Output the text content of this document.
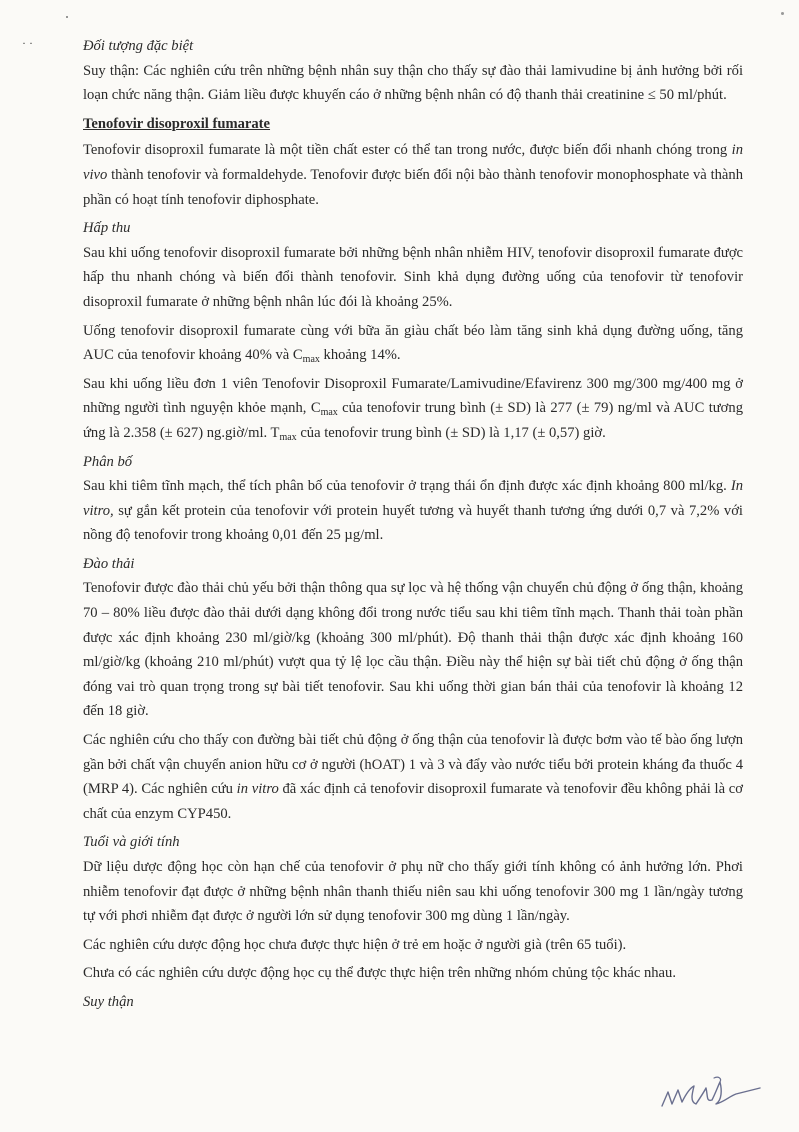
· ·	Đối tượng đặc biệt

Suy thận: Các nghiên cứu trên những bệnh nhân suy thận cho thấy sự đào thải lamivudine bị ảnh hưởng bởi rối loạn chức năng thận. Giảm liều được khuyến cáo ở những bệnh nhân có độ thanh thải creatinine ≤ 50 ml/phút.

Tenofovir disoproxil fumarate

Tenofovir disoproxil fumarate là một tiền chất ester có thể tan trong nước, được biến đổi nhanh chóng trong in vivo thành tenofovir và formaldehyde. Tenofovir được biến đổi nội bào thành tenofovir monophosphate và thành phần có hoạt tính tenofovir diphosphate.

Hấp thu

Sau khi uống tenofovir disoproxil fumarate bởi những bệnh nhân nhiễm HIV, tenofovir disoproxil fumarate được hấp thu nhanh chóng và biến đổi thành tenofovir. Sinh khả dụng đường uống của tenofovir từ tenofovir disoproxil fumarate ở những bệnh nhân lúc đói là khoảng 25%.

Uống tenofovir disoproxil fumarate cùng với bữa ăn giàu chất béo làm tăng sinh khả dụng đường uống, tăng AUC của tenofovir khoảng 40% và $C_{max}$ khoảng 14%.

Sau khi uống liều đơn 1 viên Tenofovir Disoproxil Fumarate/Lamivudine/Efavirenz 300 mg/300 mg/400 mg ở những người tình nguyện khỏe mạnh, $C_{max}$ của tenofovir trung bình (± SD) là 277 (± 79) ng/ml và AUC tương ứng là 2.358 (± 627) ng.giờ/ml. $T_{max}$ của tenofovir trung bình (± SD) là 1,17 (± 0,57) giờ.

Phân bố

Sau khi tiêm tĩnh mạch, thể tích phân bố của tenofovir ở trạng thái ổn định được xác định khoảng 800 ml/kg. In vitro, sự gắn kết protein của tenofovir với protein huyết tương và huyết thanh tương ứng dưới 0,7 và 7,2% với nồng độ tenofovir trong khoảng 0,01 đến 25 µg/ml.

Đào thải

Tenofovir được đào thải chủ yếu bởi thận thông qua sự lọc và hệ thống vận chuyển chủ động ở ống thận, khoảng 70 – 80% liều được đào thải dưới dạng không đổi trong nước tiểu sau khi tiêm tĩnh mạch. Thanh thải toàn phần được xác định khoảng 230 ml/giờ/kg (khoảng 300 ml/phút). Độ thanh thải thận được xác định khoảng 160 ml/giờ/kg (khoảng 210 ml/phút) vượt qua tỷ lệ lọc cầu thận. Điều này thể hiện sự bài tiết chủ động ở ống thận đóng vai trò quan trọng trong sự bài tiết tenofovir. Sau khi uống thời gian bán thải của tenofovir là khoảng 12 đến 18 giờ.

Các nghiên cứu cho thấy con đường bài tiết chủ động ở ống thận của tenofovir là được bơm vào tế bào ống lượn gần bởi chất vận chuyển anion hữu cơ ở người (hOAT) 1 và 3 và đẩy vào nước tiểu bởi protein kháng đa thuốc 4 (MRP 4). Các nghiên cứu in vitro đã xác định cả tenofovir disoproxil fumarate và tenofovir đều không phải là cơ chất của enzym CYP450.

Tuổi và giới tính

Dữ liệu dược động học còn hạn chế của tenofovir ở phụ nữ cho thấy giới tính không có ảnh hưởng lớn. Phơi nhiễm tenofovir đạt được ở những bệnh nhân thanh thiếu niên sau khi uống tenofovir 300 mg 1 lần/ngày tương tự với phơi nhiễm đạt được ở người lớn sử dụng tenofovir 300 mg dùng 1 lần/ngày.

Các nghiên cứu dược động học chưa được thực hiện ở trẻ em hoặc ở người già (trên 65 tuổi).

Chưa có các nghiên cứu dược động học cụ thể được thực hiện trên những nhóm chủng tộc khác nhau.

Suy thận
